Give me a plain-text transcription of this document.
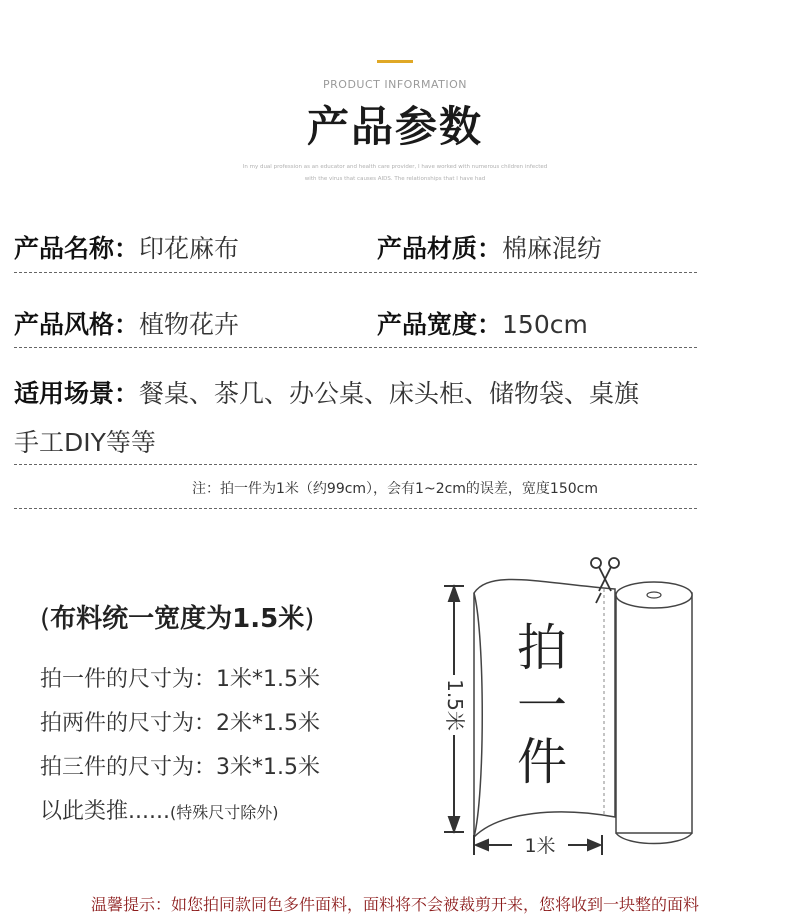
PRODUCT INFORMATION
产品参数
In my dual profession as an educator and health care provider, I have worked with numerous children infected
with the virus that causes AIDS. The relationships that I have had
产品名称：印花麻布	产品材质：棉麻混纺
产品风格：植物花卉	产品宽度：150cm
适用场景：餐桌、茶几、办公桌、床头柜、储物袋、桌旗
手工DIY等等
注：拍一件为1米（约99cm），会有1~2cm的误差，宽度150cm
(布料统一宽度为1.5米)
拍一件的尺寸为：1米*1.5米
拍两件的尺寸为：2米*1.5米
拍三件的尺寸为：3米*1.5米
以此类推......(特殊尺寸除外)
1.5米
拍
一
件
1米
温馨提示：如您拍同款同色多件面料，面料将不会被裁剪开来，您将收到一块整的面料
